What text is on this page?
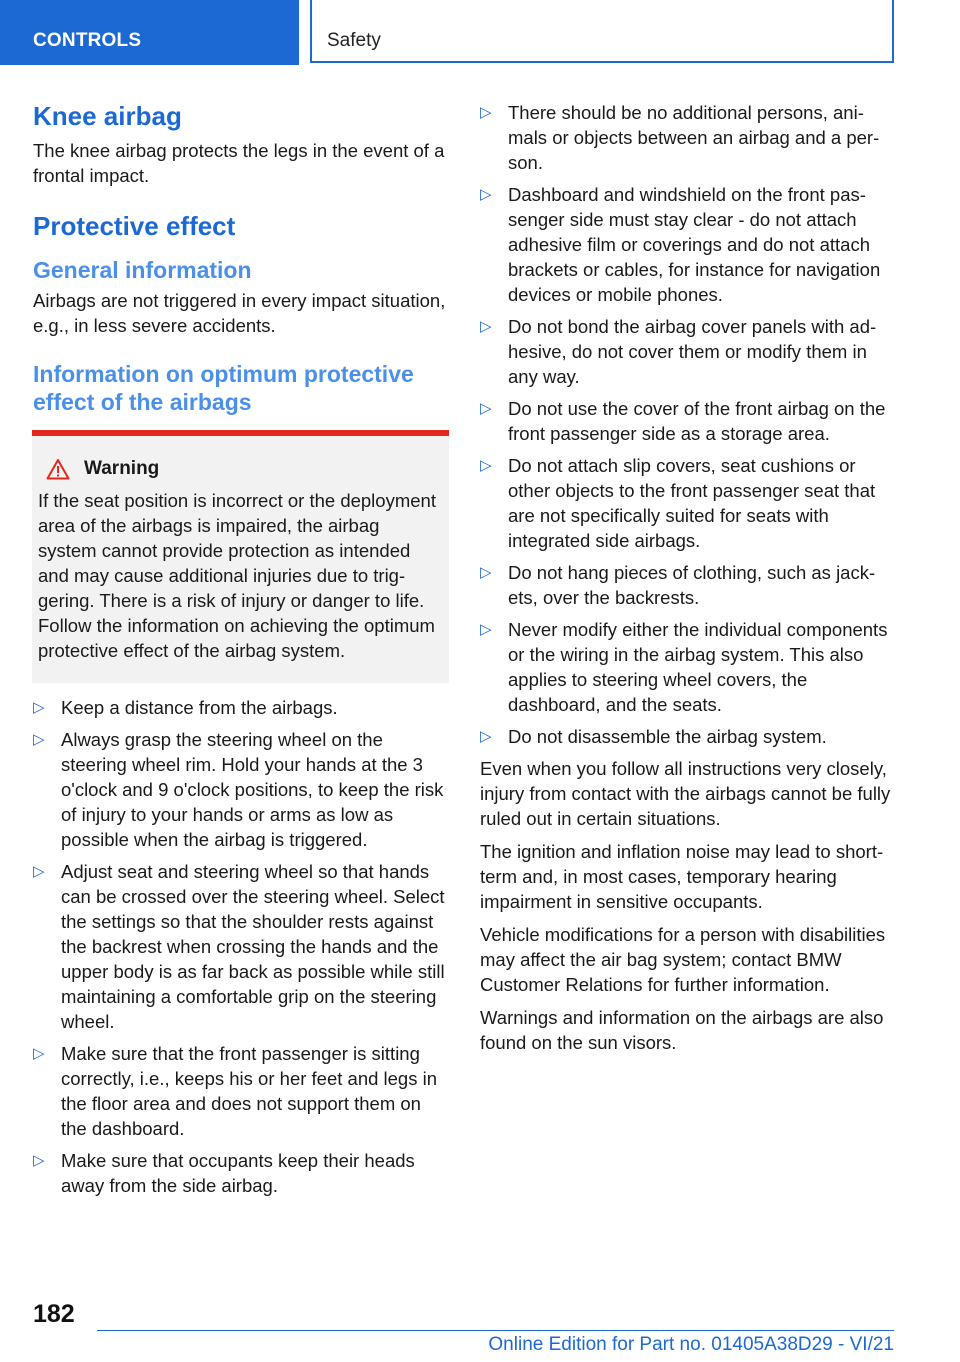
CONTROLS	Safety
Knee airbag

The knee airbag protects the legs in the event of a frontal impact.

Protective effect
General information

Airbags are not triggered in every impact situation, e.g., in less severe accidents.

Information on optimum protective effect of the airbags
Warning

If the seat position is incorrect or the deployment area of the airbags is impaired, the airbag system cannot provide protection as intended and may cause additional injuries due to triggering. There is a risk of injury or danger to life. Follow the information on achieving the optimum protective effect of the airbag system.

▷ Keep a distance from the airbags.
▷ Always grasp the steering wheel on the steering wheel rim. Hold your hands at the 3 o'clock and 9 o'clock positions, to keep the risk of injury to your hands or arms as low as possible when the airbag is triggered.
▷ Adjust seat and steering wheel so that hands can be crossed over the steering wheel. Select the settings so that the shoulder rests against the backrest when crossing the hands and the upper body is as far back as possible while still maintaining a comfortable grip on the steering wheel.
▷ Make sure that the front passenger is sitting correctly, i.e., keeps his or her feet and legs in the floor area and does not support them on the dashboard.
▷ Make sure that occupants keep their heads away from the side airbag.
▷ There should be no additional persons, animals or objects between an airbag and a person.
▷ Dashboard and windshield on the front passenger side must stay clear - do not attach adhesive film or coverings and do not attach brackets or cables, for instance for navigation devices or mobile phones.
▷ Do not bond the airbag cover panels with adhesive, do not cover them or modify them in any way.
▷ Do not use the cover of the front airbag on the front passenger side as a storage area.
▷ Do not attach slip covers, seat cushions or other objects to the front passenger seat that are not specifically suited for seats with integrated side airbags.
▷ Do not hang pieces of clothing, such as jackets, over the backrests.
▷ Never modify either the individual components or the wiring in the airbag system. This also applies to steering wheel covers, the dashboard, and the seats.
▷ Do not disassemble the airbag system.

Even when you follow all instructions very closely, injury from contact with the airbags cannot be fully ruled out in certain situations.

The ignition and inflation noise may lead to short-term and, in most cases, temporary hearing impairment in sensitive occupants.

Vehicle modifications for a person with disabilities may affect the air bag system; contact BMW Customer Relations for further information.

Warnings and information on the airbags are also found on the sun visors.

182
Online Edition for Part no. 01405A38D29 - VI/21
